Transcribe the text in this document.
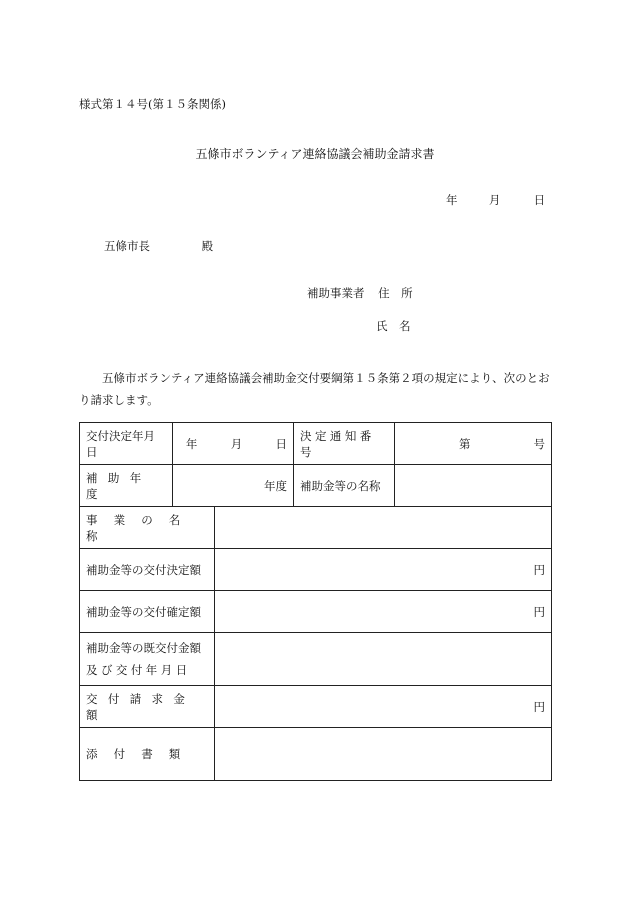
様式第１４号(第１５条関係)
五條市ボランティア連絡協議会補助金請求書
年	月	日
五條市長	殿
補助事業者 住　所
氏　名

五條市ボランティア連絡協議会補助金交付要綱第１５条第２項の規定により、次のとおり請求します。

交付決定年月日	年 月 日		決定通知番号	第 号

補助年度	年度		補助金等の名称	
事業の名称				
補助金等の交付決定額		円		
補助金等の交付確定額		円		

補助金等の既交付金額
及び交付年月日				

交付請求金額		円		
添付書類				
